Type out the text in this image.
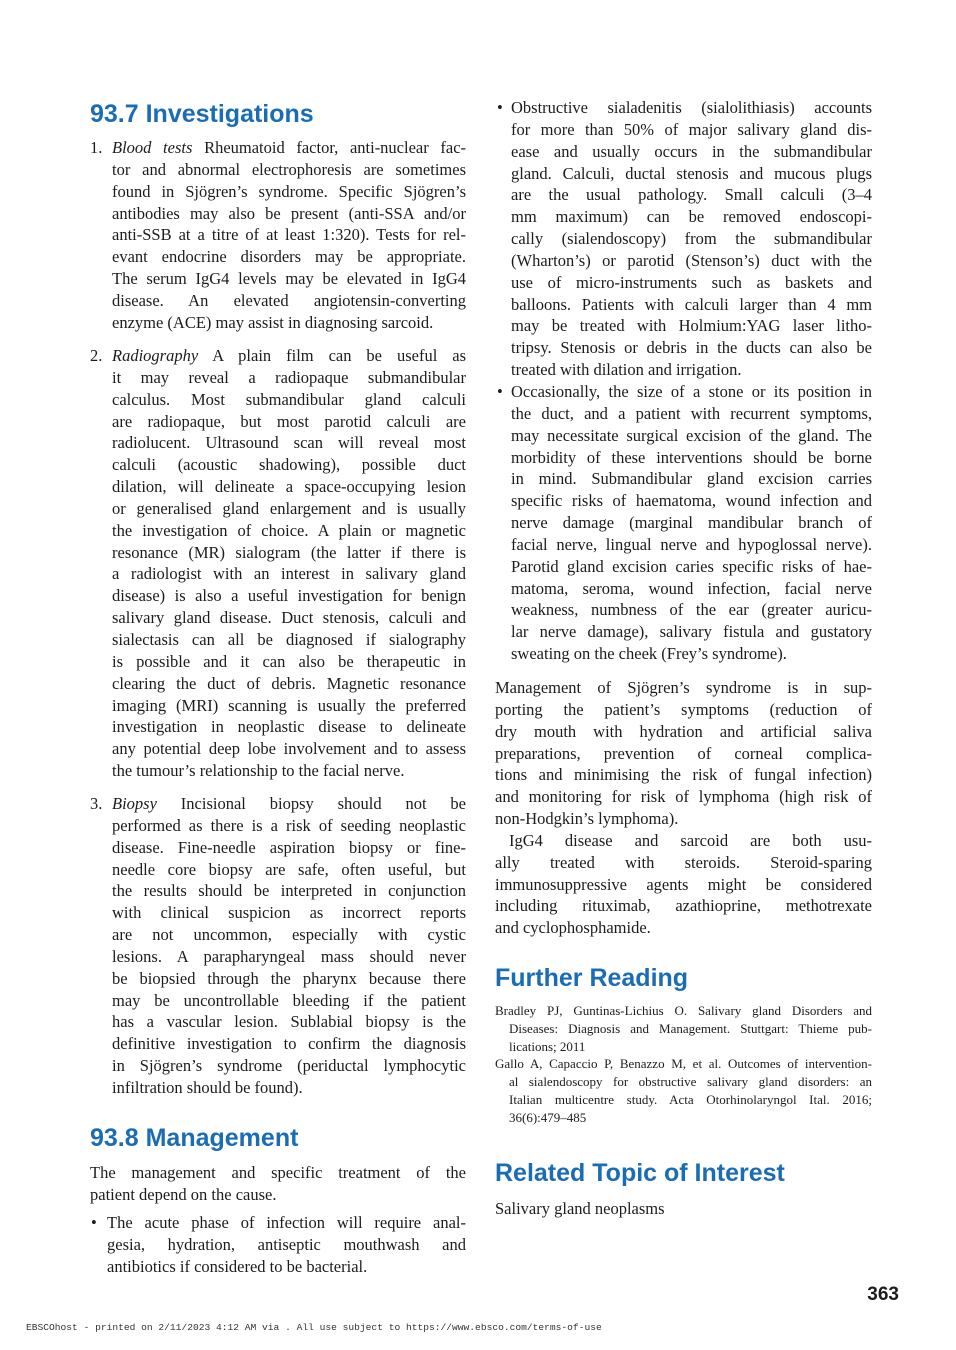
93.7 Investigations
1. Blood tests Rheumatoid factor, anti-nuclear fac-
tor and abnormal electrophoresis are sometimes
found in Sjögren’s syndrome. Specific Sjögren’s
antibodies may also be present (anti-SSA and/or
anti-SSB at a titre of at least 1:320). Tests for rel-
evant endocrine disorders may be appropriate.
The serum IgG4 levels may be elevated in IgG4
disease. An elevated angiotensin-converting
enzyme (ACE) may assist in diagnosing sarcoid.
2. Radiography A plain film can be useful as
it may reveal a radiopaque submandibular
calculus. Most submandibular gland calculi
are radiopaque, but most parotid calculi are
radiolucent. Ultrasound scan will reveal most
calculi (acoustic shadowing), possible duct
dilation, will delineate a space-occupying lesion
or generalised gland enlargement and is usually
the investigation of choice. A plain or magnetic
resonance (MR) sialogram (the latter if there is
a radiologist with an interest in salivary gland
disease) is also a useful investigation for benign
salivary gland disease. Duct stenosis, calculi and
sialectasis can all be diagnosed if sialography
is possible and it can also be therapeutic in
clearing the duct of debris. Magnetic resonance
imaging (MRI) scanning is usually the preferred
investigation in neoplastic disease to delineate
any potential deep lobe involvement and to assess
the tumour’s relationship to the facial nerve.
3. Biopsy Incisional biopsy should not be
performed as there is a risk of seeding neoplastic
disease. Fine-needle aspiration biopsy or fine-
needle core biopsy are safe, often useful, but
the results should be interpreted in conjunction
with clinical suspicion as incorrect reports
are not uncommon, especially with cystic
lesions. A parapharyngeal mass should never
be biopsied through the pharynx because there
may be uncontrollable bleeding if the patient
has a vascular lesion. Sublabial biopsy is the
definitive investigation to confirm the diagnosis
in Sjögren’s syndrome (periductal lymphocytic
infiltration should be found).
93.8 Management
The management and specific treatment of the
patient depend on the cause.
• The acute phase of infection will require anal-
gesia, hydration, antiseptic mouthwash and
antibiotics if considered to be bacterial.
• Obstructive sialadenitis (sialolithiasis) accounts
for more than 50% of major salivary gland dis-
ease and usually occurs in the submandibular
gland. Calculi, ductal stenosis and mucous plugs
are the usual pathology. Small calculi (3–4
mm maximum) can be removed endoscopi-
cally (sialendoscopy) from the submandibular
(Wharton’s) or parotid (Stenson’s) duct with the
use of micro-instruments such as baskets and
balloons. Patients with calculi larger than 4 mm
may be treated with Holmium:YAG laser litho-
tripsy. Stenosis or debris in the ducts can also be
treated with dilation and irrigation.
• Occasionally, the size of a stone or its position in
the duct, and a patient with recurrent symptoms,
may necessitate surgical excision of the gland. The
morbidity of these interventions should be borne
in mind. Submandibular gland excision carries
specific risks of haematoma, wound infection and
nerve damage (marginal mandibular branch of
facial nerve, lingual nerve and hypoglossal nerve).
Parotid gland excision caries specific risks of hae-
matoma, seroma, wound infection, facial nerve
weakness, numbness of the ear (greater auricu-
lar nerve damage), salivary fistula and gustatory
sweating on the cheek (Frey’s syndrome).
Management of Sjögren’s syndrome is in sup-
porting the patient’s symptoms (reduction of
dry mouth with hydration and artificial saliva
preparations, prevention of corneal complica-
tions and minimising the risk of fungal infection)
and monitoring for risk of lymphoma (high risk of
non-Hodgkin’s lymphoma).
IgG4 disease and sarcoid are both usu-
ally treated with steroids. Steroid-sparing
immunosuppressive agents might be considered
including rituximab, azathioprine, methotrexate
and cyclophosphamide.
Further Reading
Bradley PJ, Guntinas-Lichius O. Salivary gland Disorders and
Diseases: Diagnosis and Management. Stuttgart: Thieme pub-
lications; 2011
Gallo A, Capaccio P, Benazzo M, et al. Outcomes of intervention-
al sialendoscopy for obstructive salivary gland disorders: an
Italian multicentre study. Acta Otorhinolaryngol Ital. 2016;
36(6):479–485
Related Topic of Interest
Salivary gland neoplasms
363
EBSCOhost - printed on 2/11/2023 4:12 AM via . All use subject to https://www.ebsco.com/terms-of-use
